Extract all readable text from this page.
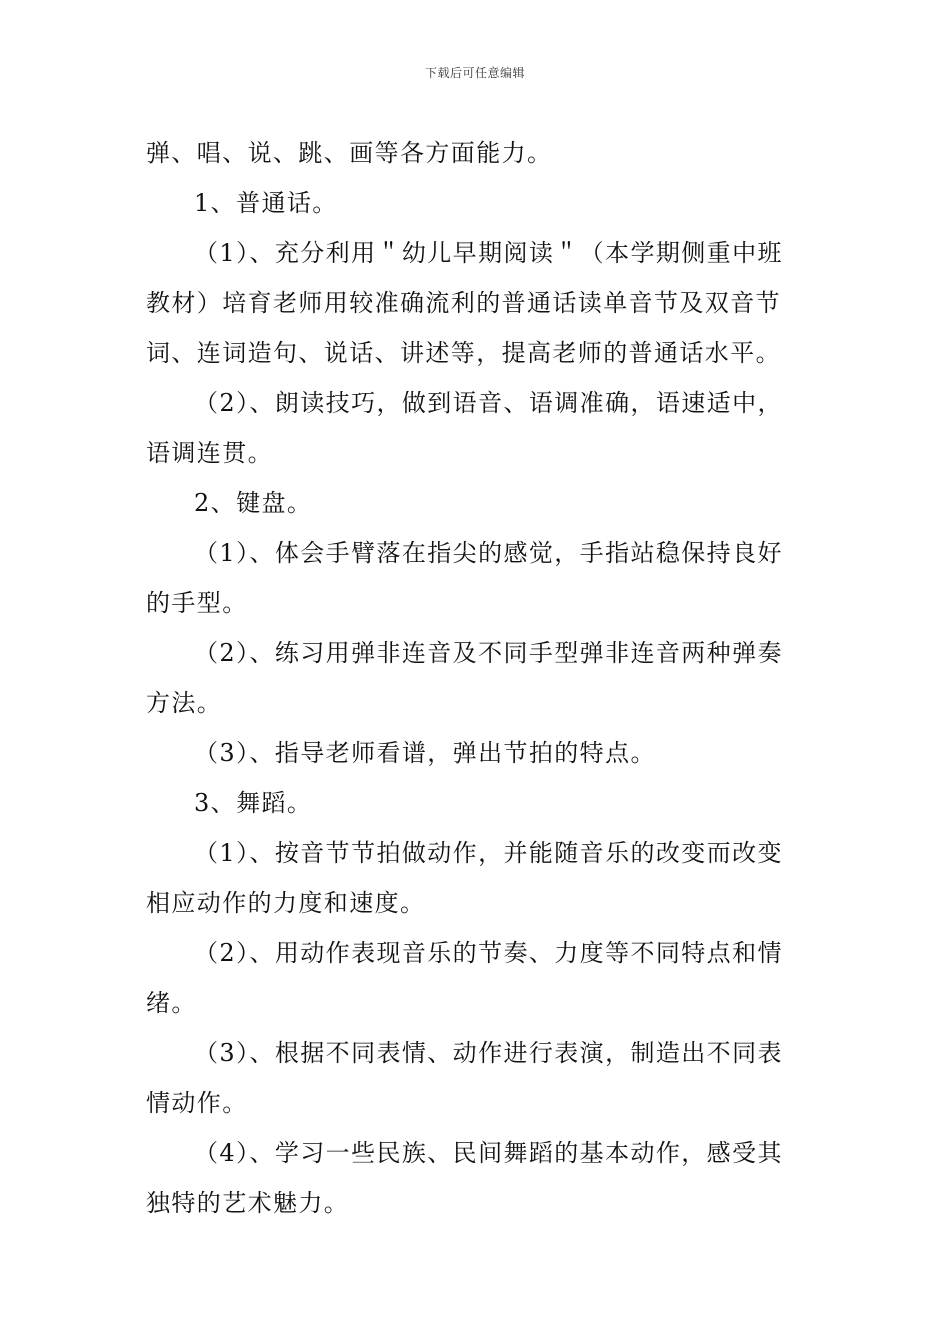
下载后可任意编辑

弹、唱、说、跳、画等各方面能力。

1、普通话。

（1）、充分利用＂幼儿早期阅读＂（本学期侧重中班教材）培育老师用较准确流利的普通话读单音节及双音节词、连词造句、说话、讲述等，提高老师的普通话水平。

（2）、朗读技巧，做到语音、语调准确，语速适中，语调连贯。

2、键盘。

（1）、体会手臂落在指尖的感觉，手指站稳保持良好的手型。

（2）、练习用弹非连音及不同手型弹非连音两种弹奏方法。

（3）、指导老师看谱，弹出节拍的特点。

3、舞蹈。

（1）、按音节节拍做动作，并能随音乐的改变而改变相应动作的力度和速度。

（2）、用动作表现音乐的节奏、力度等不同特点和情绪。

（3）、根据不同表情、动作进行表演，制造出不同表情动作。

（4）、学习一些民族、民间舞蹈的基本动作，感受其独特的艺术魅力。
